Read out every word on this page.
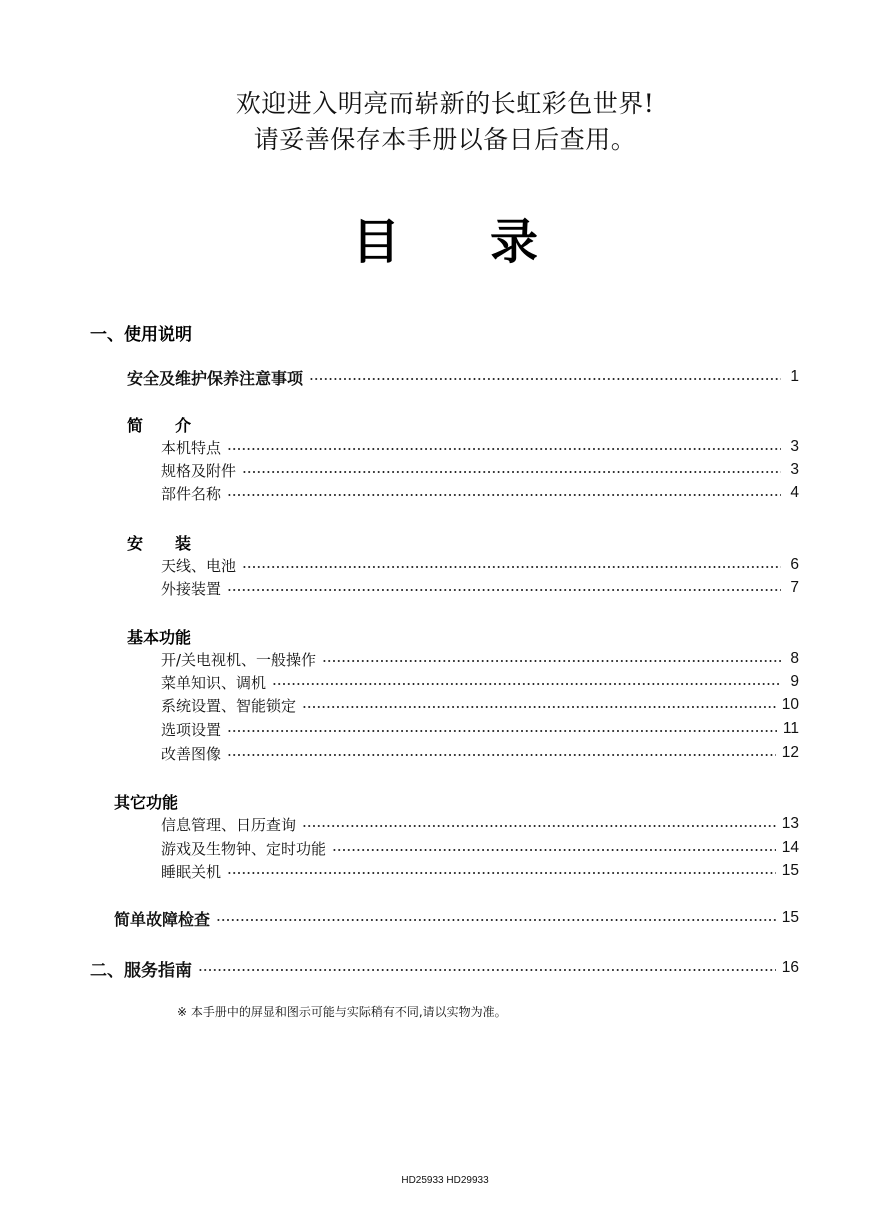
欢迎进入明亮而崭新的长虹彩色世界!
请妥善保存本手册以备日后查用。
目 录
一、使用说明
安全及维护保养注意事项	1
简　　介
本机特点	3
规格及附件	3
部件名称	4
安　　装
天线、电池	6
外接装置	7
基本功能
开/关电视机、一般操作	8
菜单知识、调机	9
系统设置、智能锁定	10
选项设置	11
改善图像	12
其它功能
信息管理、日历查询	13
游戏及生物钟、定时功能	14
睡眠关机	15
简单故障检查	15
二、服务指南	16
※ 本手册中的屏显和图示可能与实际稍有不同,请以实物为准。
HD25933 HD29933
